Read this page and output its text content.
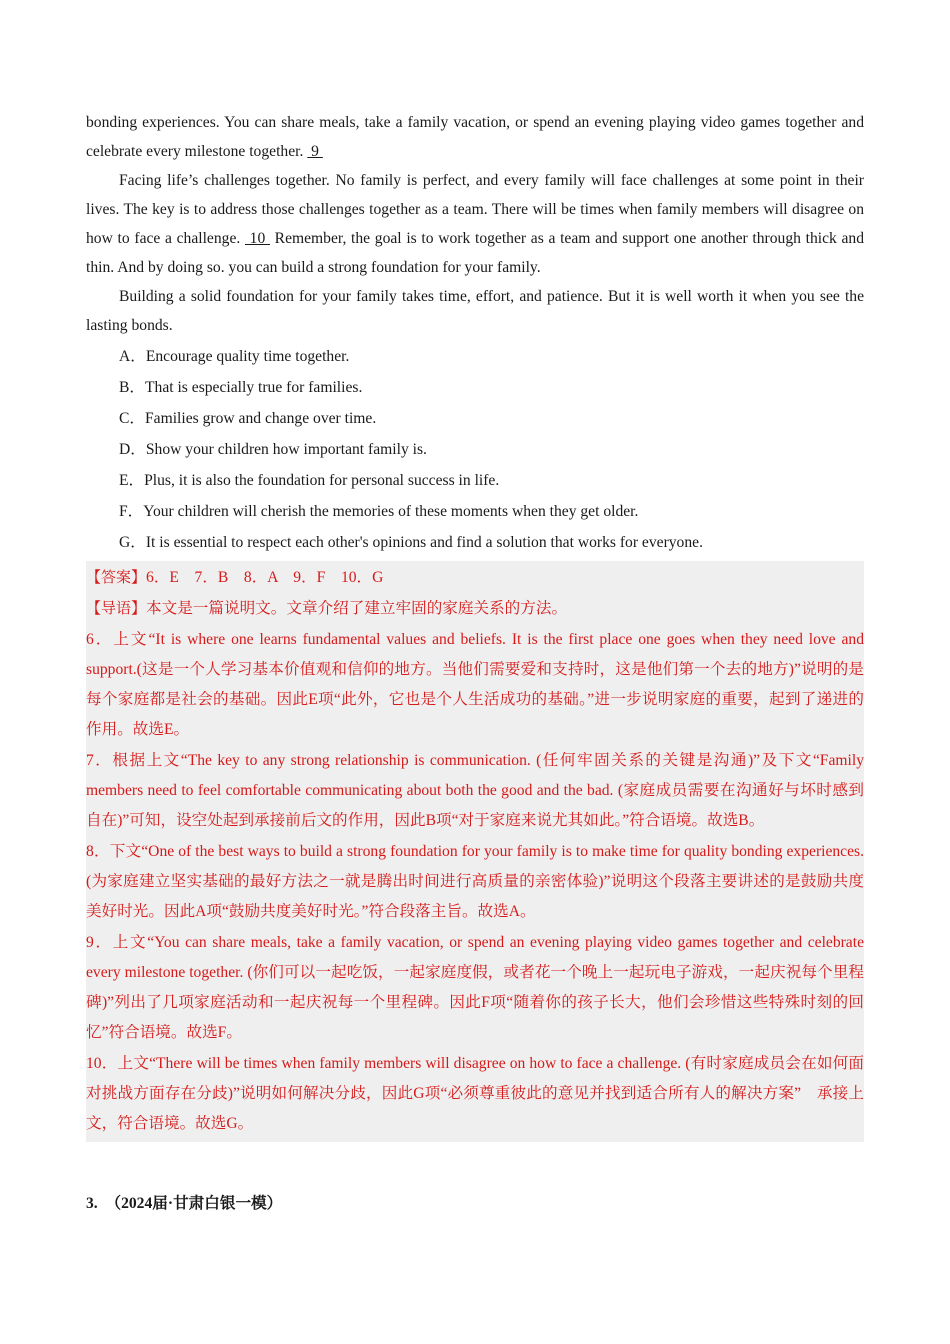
bonding experiences. You can share meals, take a family vacation, or spend an evening playing video games together and celebrate every milestone together.  9

Facing life’s challenges together. No family is perfect, and every family will face challenges at some point in their lives. The key is to address those challenges together as a team. There will be times when family members will disagree on how to face a challenge.  10  Remember, the goal is to work together as a team and support one another through thick and thin. And by doing so. you can build a strong foundation for your family.

Building a solid foundation for your family takes time, effort, and patience. But it is well worth it when you see the lasting bonds.

A．Encourage quality time together.

B．That is especially true for families.

C．Families grow and change over time.

D．Show your children how important family is.

E．Plus, it is also the foundation for personal success in life.

F．Your children will cherish the memories of these moments when they get older.

G．It is essential to respect each other's opinions and find a solution that works for everyone.

【答案】6．E　7．B　8．A　9．F　10．G

【导语】本文是一篇说明文。文章介绍了建立牢固的家庭关系的方法。

6．上文“It is where one learns fundamental values and beliefs. It is the first place one goes when they need love and support.(这是一个人学习基本价值观和信仰的地方。当他们需要爱和支持时，这是他们第一个去的地方)”说明的是每个家庭都是社会的基础。因此E项“此外，它也是个人生活成功的基础。”进一步说明家庭的重要，起到了递进的作用。故选E。

7．根据上文“The key to any strong relationship is communication. (任何牢固关系的关键是沟通)”及下文“Family members need to feel comfortable communicating about both the good and the bad. (家庭成员需要在沟通好与坏时感到自在)”可知，设空处起到承接前后文的作用，因此B项“对于家庭来说尤其如此。”符合语境。故选B。

8．下文“One of the best ways to build a strong foundation for your family is to make time for quality bonding experiences. (为家庭建立坚实基础的最好方法之一就是腾出时间进行高质量的亲密体验)”说明这个段落主要讲述的是鼓励共度美好时光。因此A项“鼓励共度美好时光。”符合段落主旨。故选A。

9．上文“You can share meals, take a family vacation, or spend an evening playing video games together and celebrate every milestone together. (你们可以一起吃饭，一起家庭度假，或者花一个晚上一起玩电子游戏，一起庆祝每个里程碑)”列出了几项家庭活动和一起庆祝每一个里程碑。因此F项“随着你的孩子长大，他们会珍惜这些特殊时刻的回忆”符合语境。故选F。

10．上文“There will be times when family members will disagree on how to face a challenge. (有时家庭成员会在如何面对挑战方面存在分歧)”说明如何解决分歧，因此G项“必须尊重彼此的意见并找到适合所有人的解决方案”　承接上文，符合语境。故选G。

3.　（2024届·甘肃白银一模）
